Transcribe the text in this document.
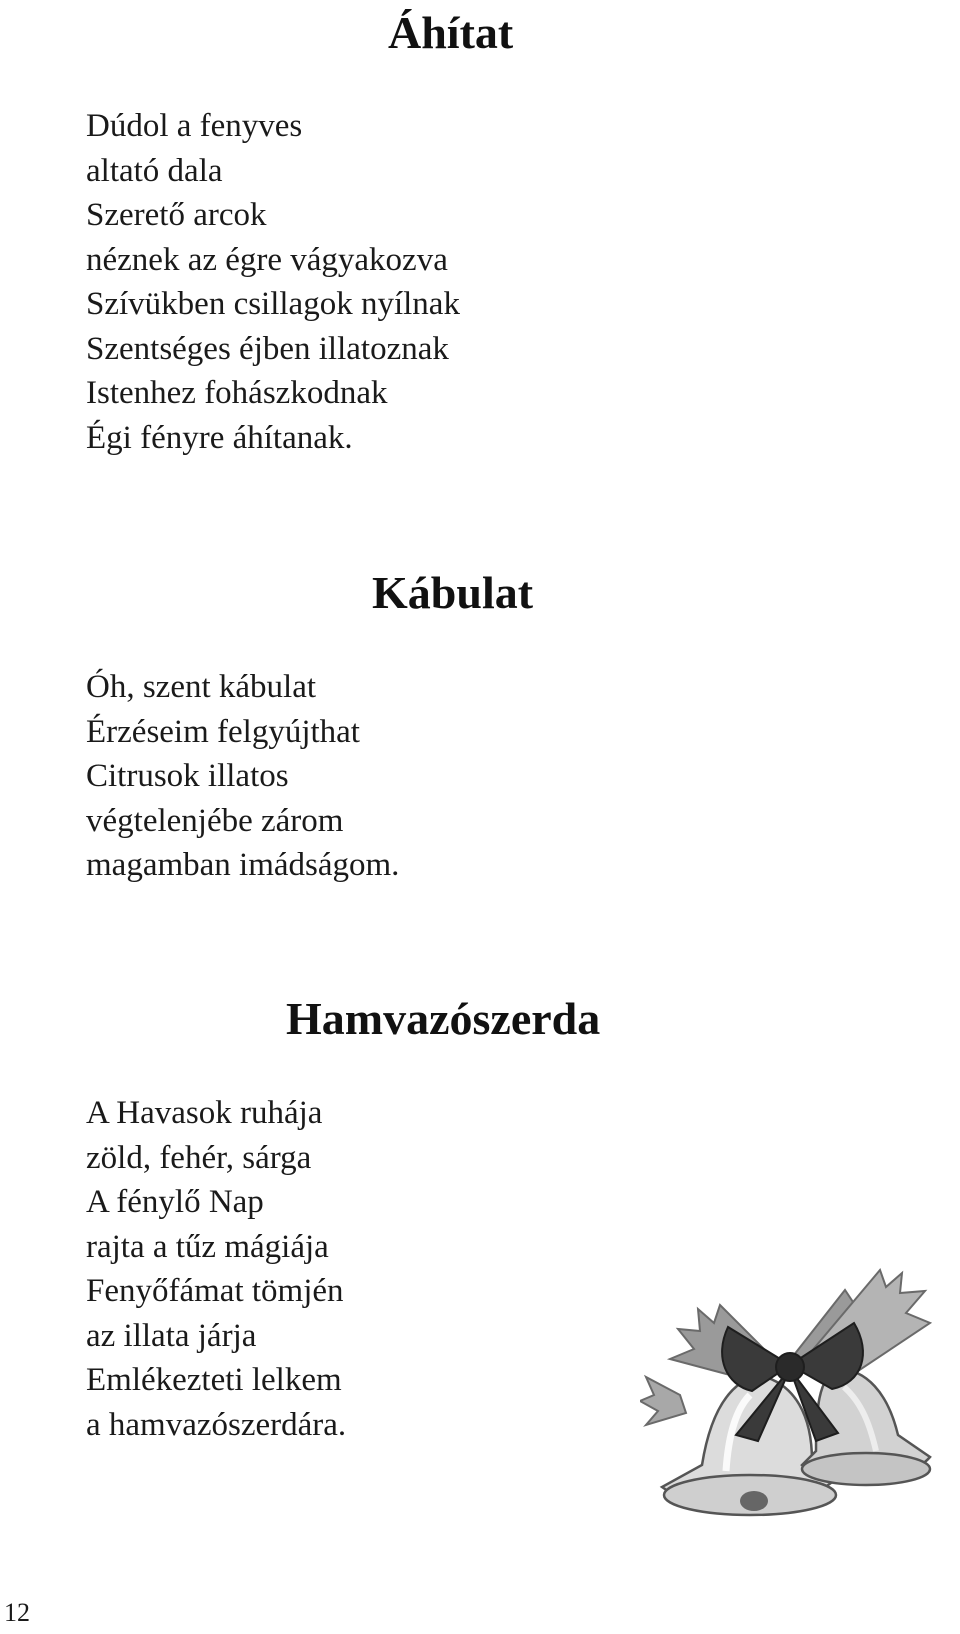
Áhítat
Dúdol a fenyves
altató dala
Szerető arcok
néznek az égre vágyakozva
Szívükben csillagok nyílnak
Szentséges éjben illatoznak
Istenhez fohászkodnak
Égi fényre áhítanak.
Kábulat
Óh, szent kábulat
Érzéseim felgyújthat
Citrusok illatos
végtelenjébe zárom
magamban imádságom.
Hamvazószerda
A Havasok ruhája
zöld, fehér, sárga
A fénylő Nap
rajta a tűz mágiája
Fenyőfámat tömjén
az illata járja
Emlékezteti lelkem
a hamvazószerdára.
12
